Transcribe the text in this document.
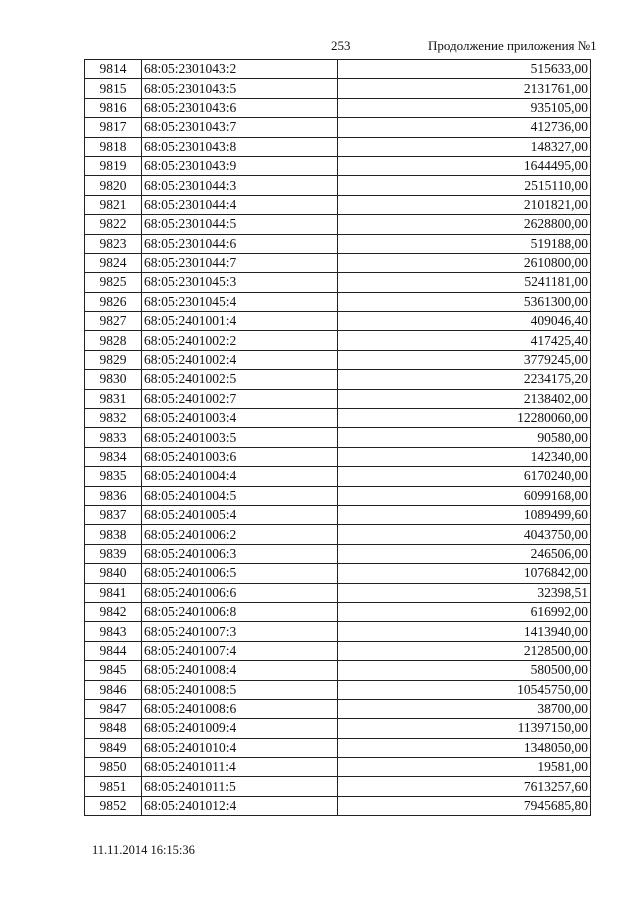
253	Продолжение приложения №1
9814	68:05:2301043:2	515633,00
9815	68:05:2301043:5	2131761,00
9816	68:05:2301043:6	935105,00
9817	68:05:2301043:7	412736,00
9818	68:05:2301043:8	148327,00
9819	68:05:2301043:9	1644495,00
9820	68:05:2301044:3	2515110,00
9821	68:05:2301044:4	2101821,00
9822	68:05:2301044:5	2628800,00
9823	68:05:2301044:6	519188,00
9824	68:05:2301044:7	2610800,00
9825	68:05:2301045:3	5241181,00
9826	68:05:2301045:4	5361300,00
9827	68:05:2401001:4	409046,40
9828	68:05:2401002:2	417425,40
9829	68:05:2401002:4	3779245,00
9830	68:05:2401002:5	2234175,20
9831	68:05:2401002:7	2138402,00
9832	68:05:2401003:4	12280060,00
9833	68:05:2401003:5	90580,00
9834	68:05:2401003:6	142340,00
9835	68:05:2401004:4	6170240,00
9836	68:05:2401004:5	6099168,00
9837	68:05:2401005:4	1089499,60
9838	68:05:2401006:2	4043750,00
9839	68:05:2401006:3	246506,00
9840	68:05:2401006:5	1076842,00
9841	68:05:2401006:6	32398,51
9842	68:05:2401006:8	616992,00
9843	68:05:2401007:3	1413940,00
9844	68:05:2401007:4	2128500,00
9845	68:05:2401008:4	580500,00
9846	68:05:2401008:5	10545750,00
9847	68:05:2401008:6	38700,00
9848	68:05:2401009:4	11397150,00
9849	68:05:2401010:4	1348050,00
9850	68:05:2401011:4	19581,00
9851	68:05:2401011:5	7613257,60
9852	68:05:2401012:4	7945685,80
11.11.2014 16:15:36
